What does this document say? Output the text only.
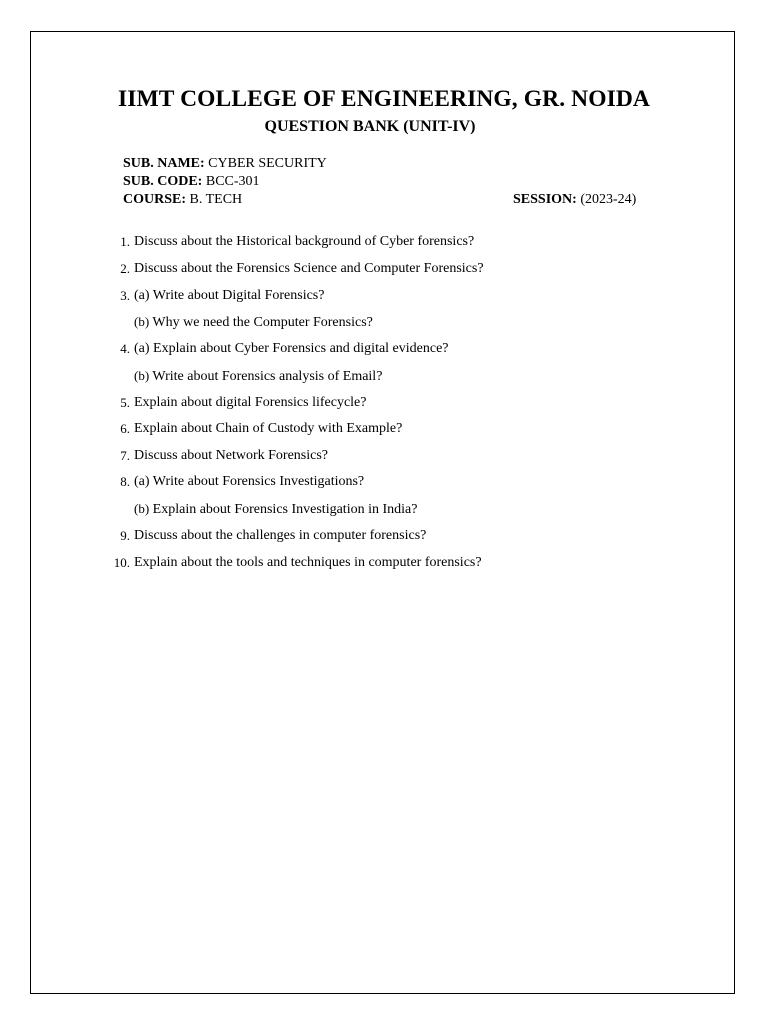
IIMT COLLEGE OF ENGINEERING, GR. NOIDA
QUESTION BANK (UNIT-IV)
SUB. NAME: CYBER SECURITY
SUB. CODE: BCC-301
COURSE: B. TECH	SESSION: (2023-24)
1. Discuss about the Historical background of Cyber forensics?
2. Discuss about the Forensics Science and Computer Forensics?
3. (a) Write about Digital Forensics?
(b) Why we need the Computer Forensics?
4. (a) Explain about Cyber Forensics and digital evidence?
(b) Write about Forensics analysis of Email?
5. Explain about digital Forensics lifecycle?
6. Explain about Chain of Custody with Example?
7. Discuss about Network Forensics?
8. (a) Write about Forensics Investigations?
(b) Explain about Forensics Investigation in India?
9. Discuss about the challenges in computer forensics?
10. Explain about the tools and techniques in computer forensics?
